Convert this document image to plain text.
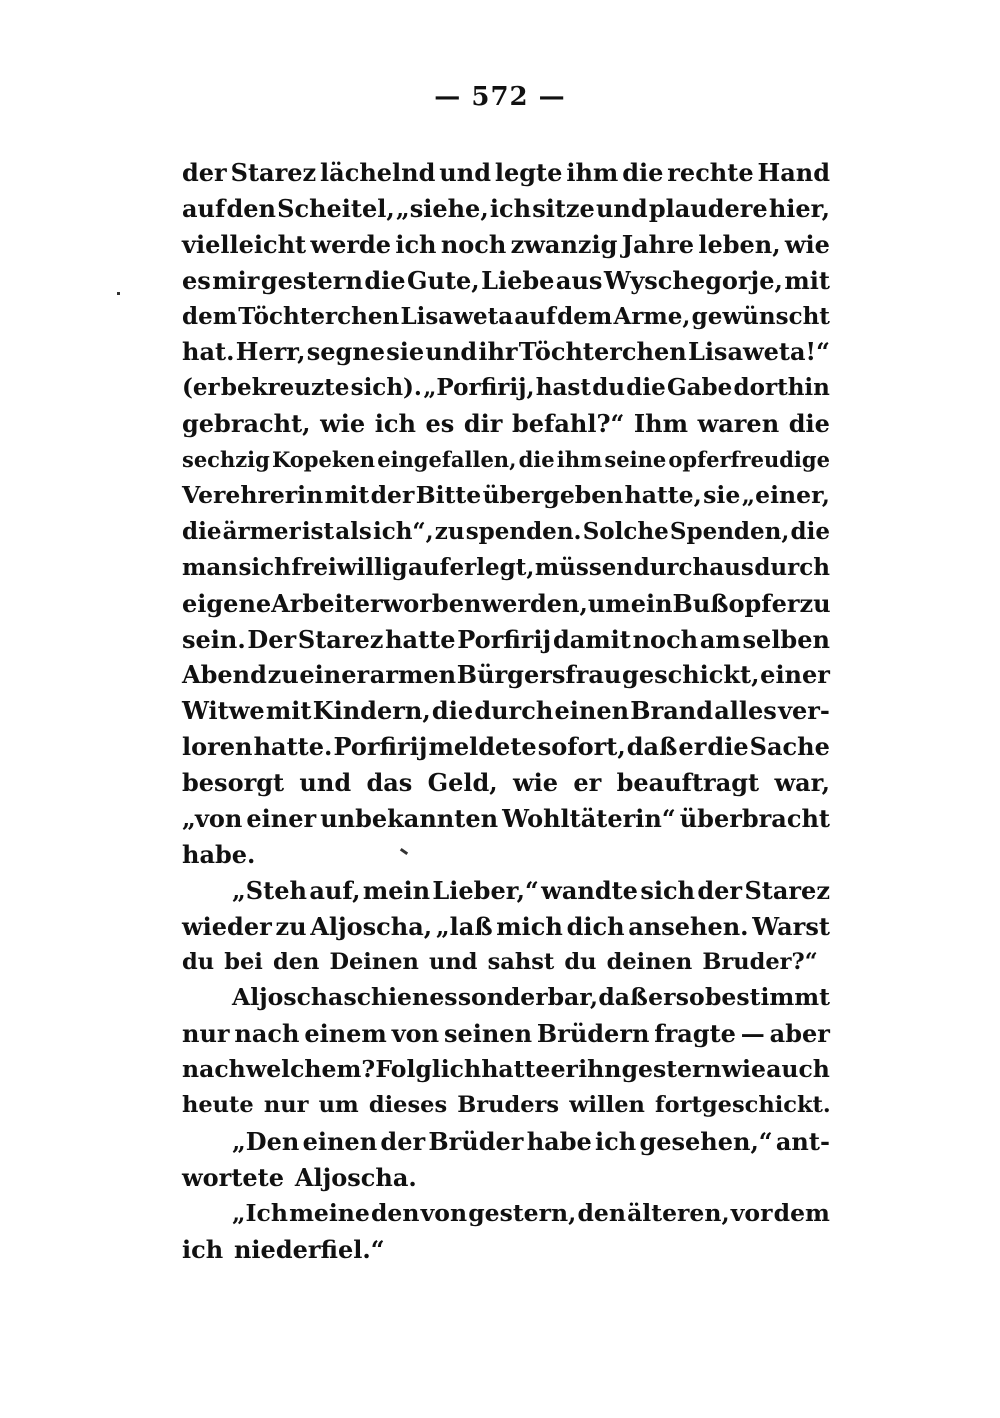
— 572 —
der Starez lächelnd und legte ihm die rechte Hand
auf den Scheitel, „siehe, ich sitze und plaudere hier,
vielleicht werde ich noch zwanzig Jahre leben, wie
es mir gestern die Gute, Liebe aus Wyschegorje, mit
dem Töchterchen Lisaweta auf dem Arme, gewünscht
hat. Herr, segne sie und ihr Töchterchen Lisaweta!“
(er bekreuzte sich). „Porfirij, hast du die Gabe dorthin
gebracht, wie ich es dir befahl?“ Ihm waren die
sechzig Kopeken eingefallen, die ihm seine opferfreudige
Verehrerin mit der Bitte übergeben hatte, sie „einer,
die ärmer ist als ich“, zu spenden. Solche Spenden, die
man sich freiwillig auferlegt, müssen durchaus durch
eigene Arbeit erworben werden, um ein Bußopfer zu
sein. Der Starez hatte Porfirij damit noch am selben
Abend zu einer armen Bürgersfrau geschickt, einer
Witwe mit Kindern, die durch einen Brand alles ver-
loren hatte. Porfirij meldete sofort, daß er die Sache
besorgt und das Geld, wie er beauftragt war,
„von einer unbekannten Wohltäterin“ überbracht
habe.
„Steh auf, mein Lieber,“ wandte sich der Starez
wieder zu Aljoscha, „laß mich dich ansehen. Warst
du bei den Deinen und sahst du deinen Bruder?“
Aljoscha schien es sonderbar, daß er so bestimmt
nur nach einem von seinen Brüdern fragte — aber
nach welchem? Folglich hatte er ihn gestern wie auch
heute nur um dieses Bruders willen fortgeschickt.
„Den einen der Brüder habe ich gesehen,“ ant-
wortete Aljoscha.
„Ich meine den von gestern, den älteren, vor dem
ich niederfiel.“
